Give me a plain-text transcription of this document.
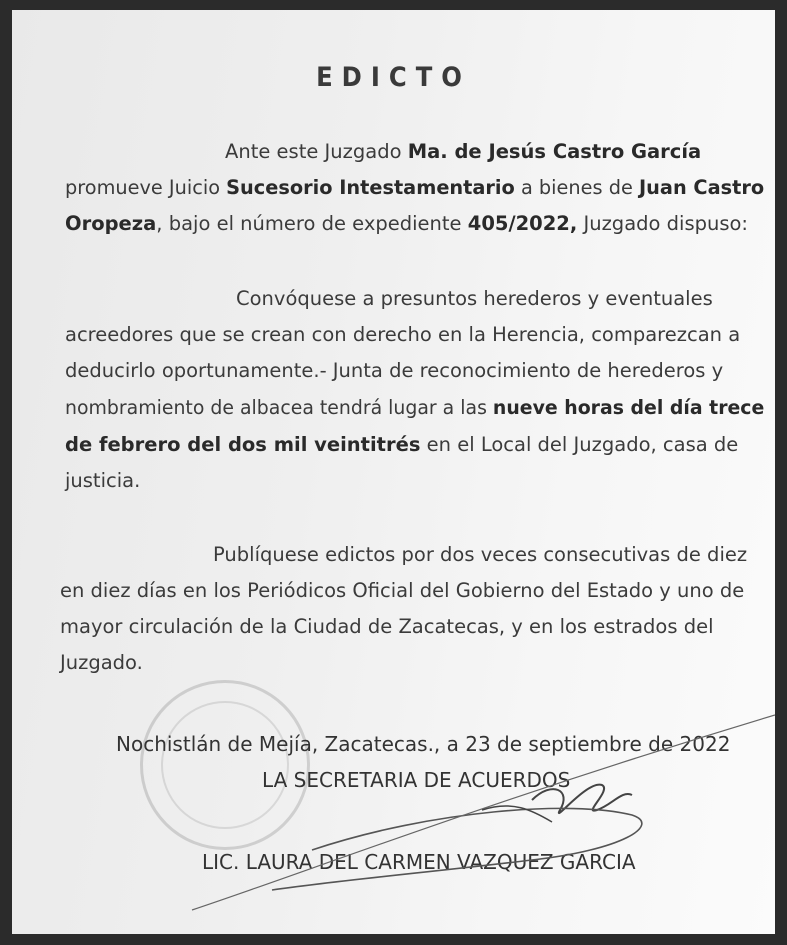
EDICTO
Ante este Juzgado Ma. de Jesús Castro García
promueve Juicio Sucesorio Intestamentario a bienes de Juan Castro
Oropeza, bajo el número de expediente 405/2022, Juzgado dispuso:
Convóquese a presuntos herederos y eventuales
acreedores que se crean con derecho en la Herencia, comparezcan a
deducirlo oportunamente.- Junta de reconocimiento de herederos y
nombramiento de albacea tendrá lugar a las nueve horas del día trece
de febrero del dos mil veintitrés en el Local del Juzgado, casa de
justicia.
Publíquese edictos por dos veces consecutivas de diez
en diez días en los Periódicos Oficial del Gobierno del Estado y uno de
mayor circulación de la Ciudad de Zacatecas, y en los estrados del
Juzgado.
Nochistlán de Mejía, Zacatecas., a 23 de septiembre de 2022
LA SECRETARIA DE ACUERDOS
LIC. LAURA DEL CARMEN VAZQUEZ GARCIA
